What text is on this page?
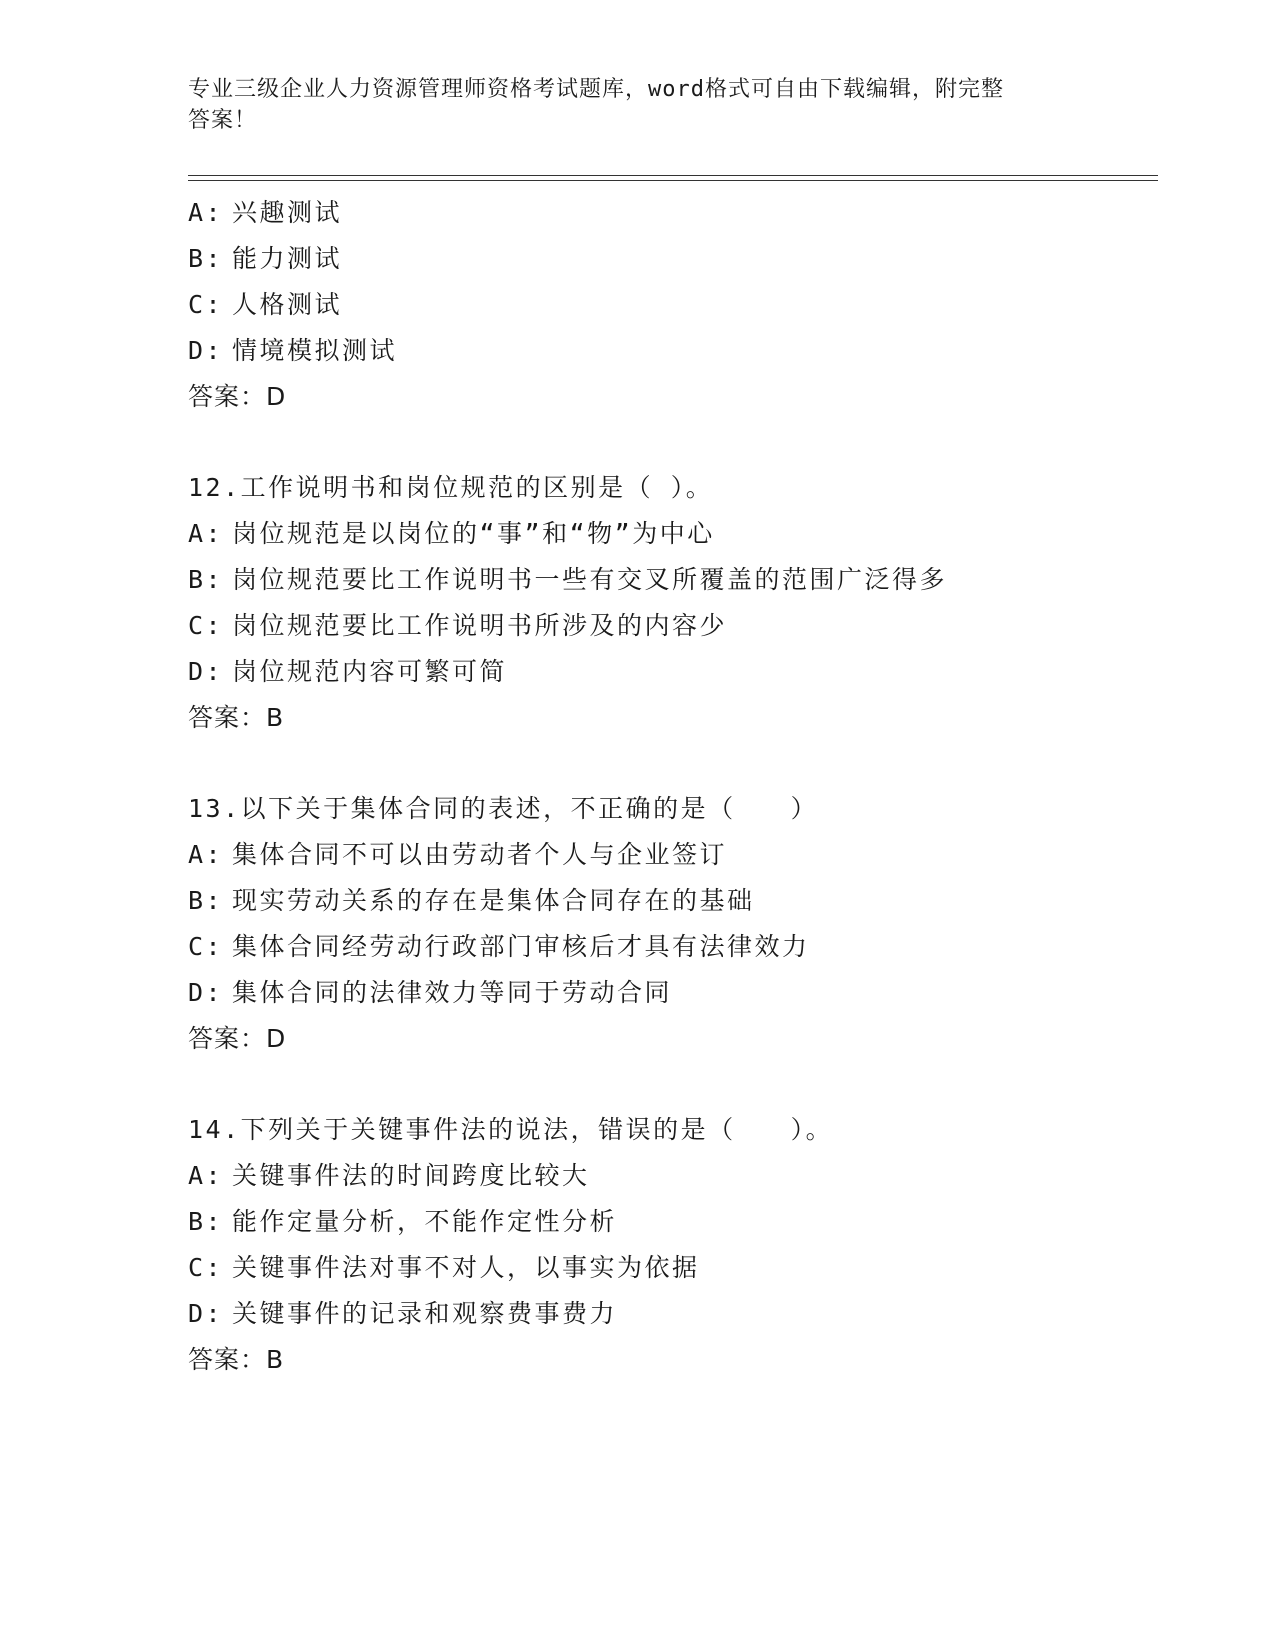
专业三级企业人力资源管理师资格考试题库，word格式可自由下载编辑，附完整
答案！
A: 兴趣测试
B: 能力测试
C: 人格测试
D: 情境模拟测试
答案：D
12.工作说明书和岗位规范的区别是（ ）。
A: 岗位规范是以岗位的“事”和“物”为中心
B: 岗位规范要比工作说明书一些有交叉所覆盖的范围广泛得多
C: 岗位规范要比工作说明书所涉及的内容少
D: 岗位规范内容可繁可简
答案：B
13.以下关于集体合同的表述，不正确的是（　　）
A: 集体合同不可以由劳动者个人与企业签订
B: 现实劳动关系的存在是集体合同存在的基础
C: 集体合同经劳动行政部门审核后才具有法律效力
D: 集体合同的法律效力等同于劳动合同
答案：D
14.下列关于关键事件法的说法，错误的是（　　）。
A: 关键事件法的时间跨度比较大
B: 能作定量分析，不能作定性分析
C: 关键事件法对事不对人，以事实为依据
D: 关键事件的记录和观察费事费力
答案：B
